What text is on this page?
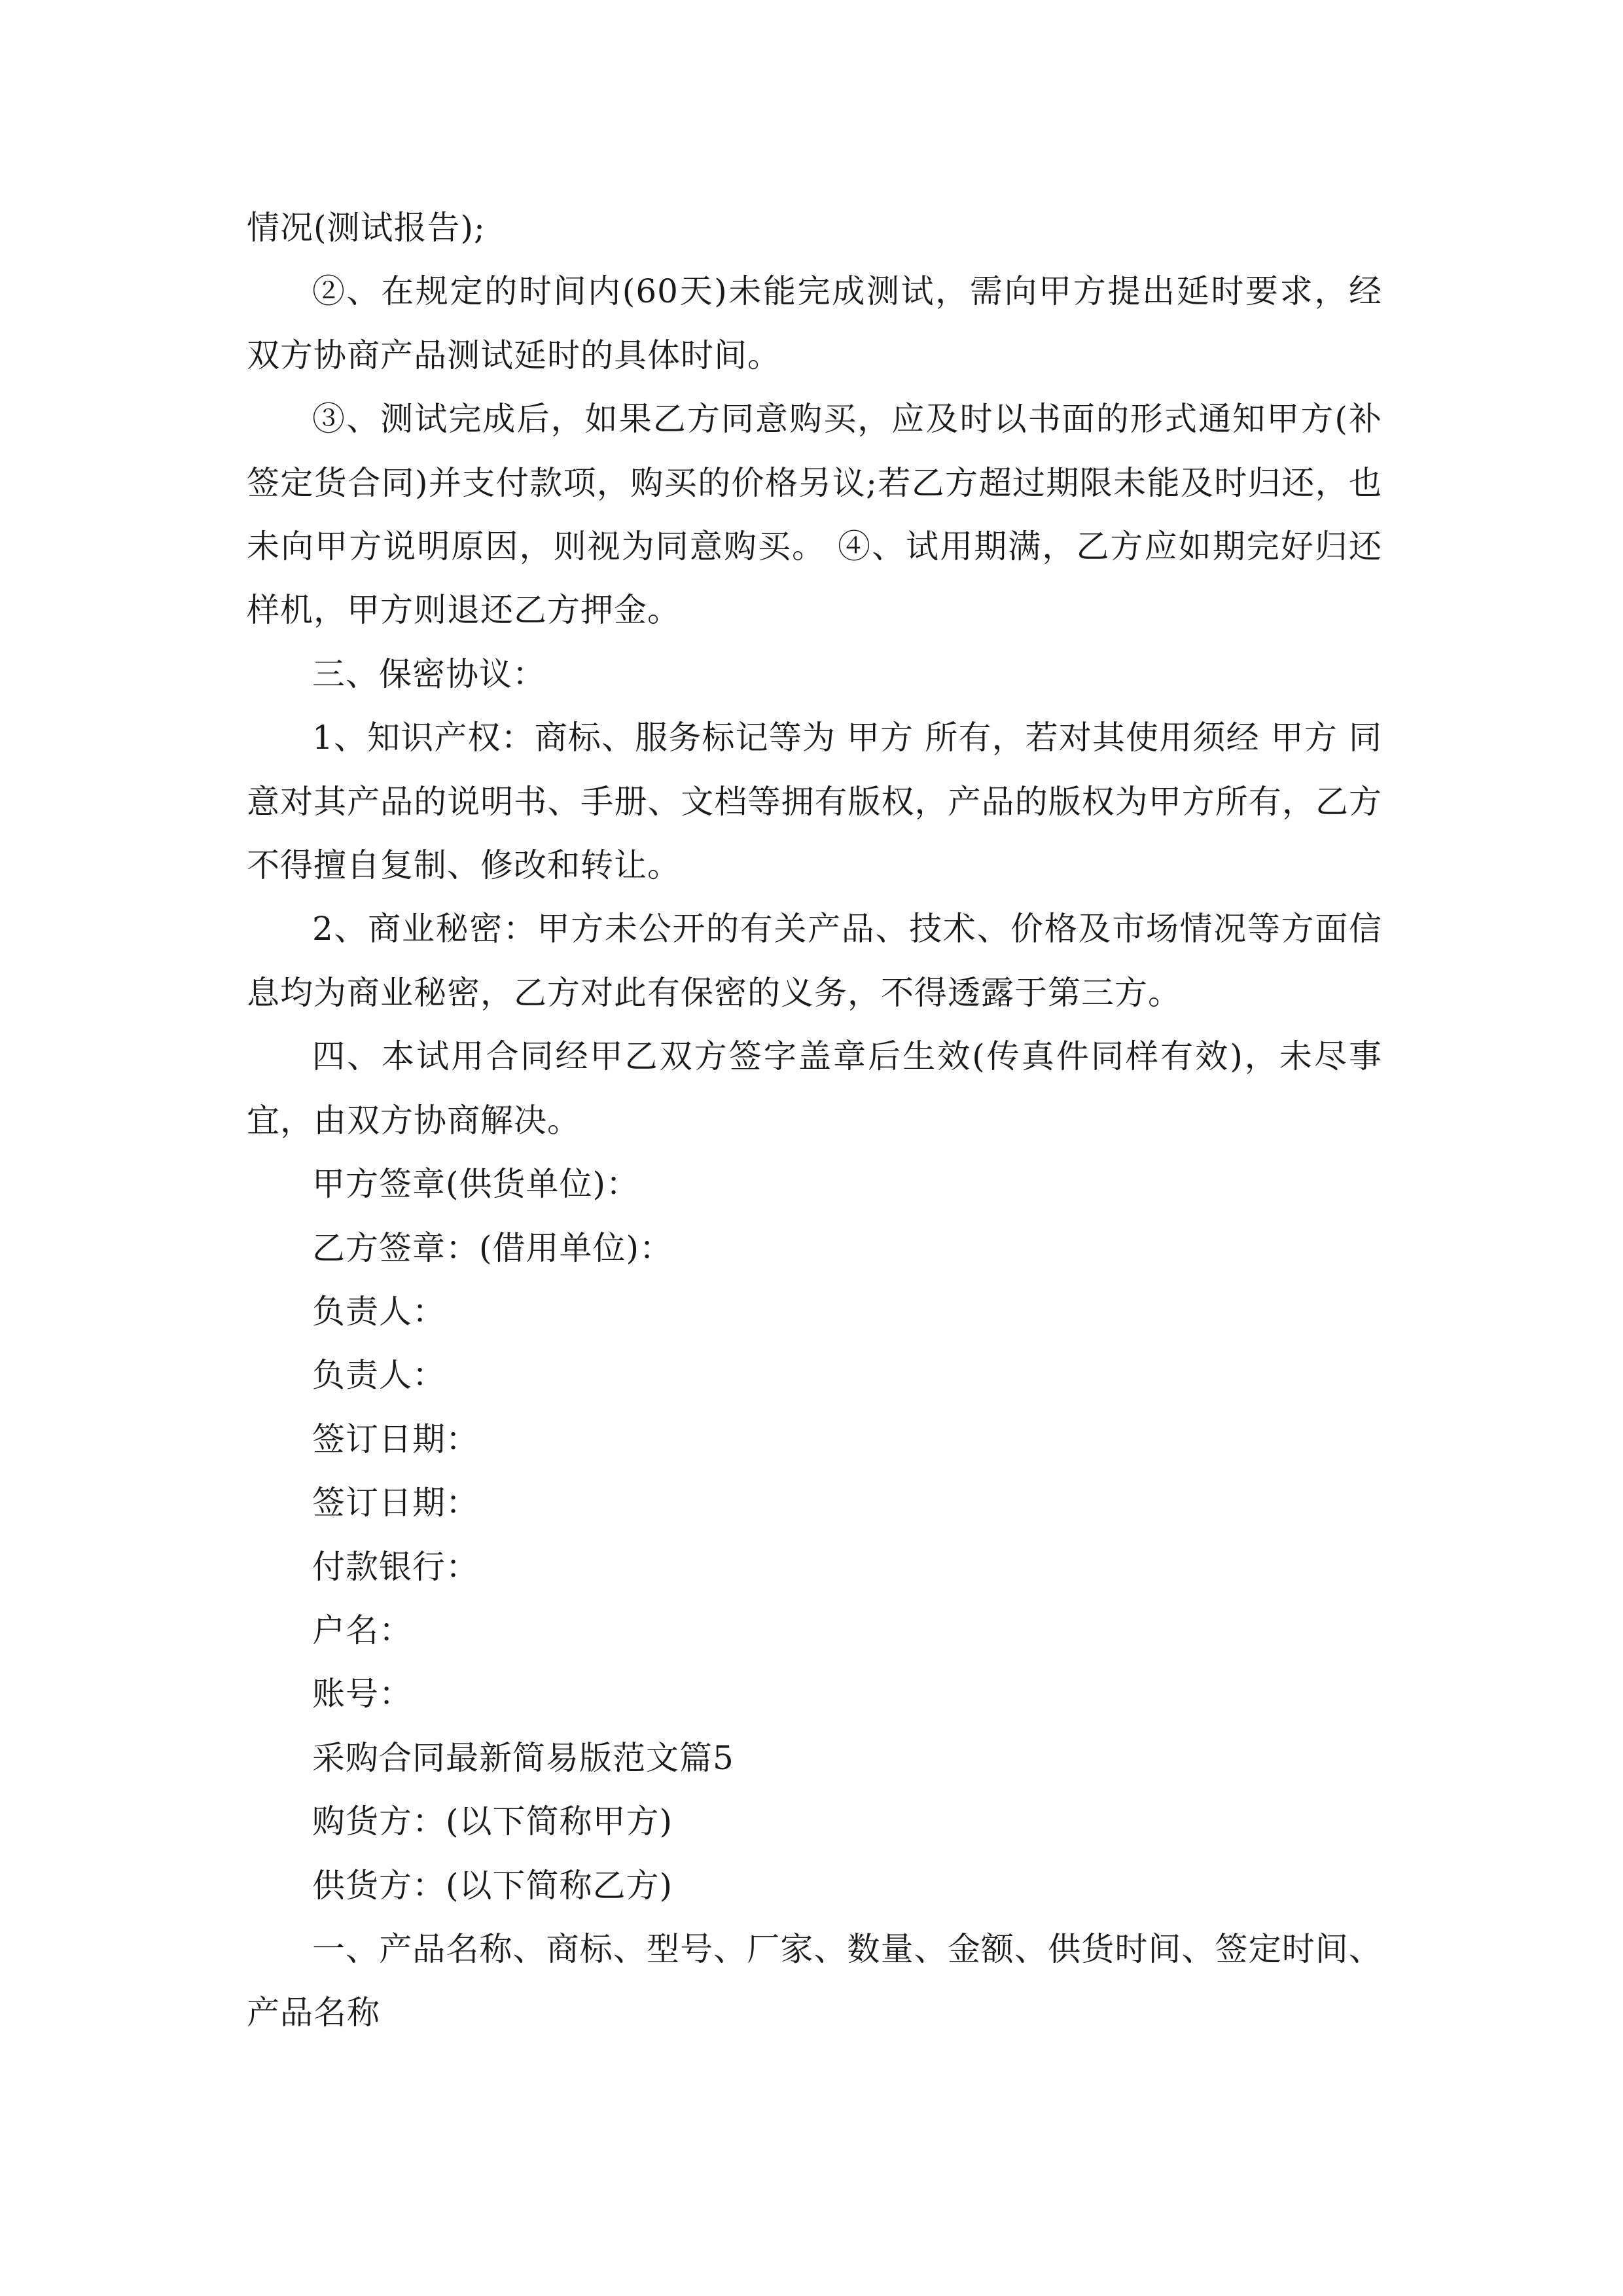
情况(测试报告);

②、在规定的时间内(60天)未能完成测试，需向甲方提出延时要求，经双方协商产品测试延时的具体时间。

③、测试完成后，如果乙方同意购买，应及时以书面的形式通知甲方(补签定货合同)并支付款项，购买的价格另议;若乙方超过期限未能及时归还，也未向甲方说明原因，则视为同意购买。 ④、试用期满，乙方应如期完好归还样机，甲方则退还乙方押金。

三、保密协议：

1、知识产权：商标、服务标记等为 甲方 所有，若对其使用须经 甲方 同意对其产品的说明书、手册、文档等拥有版权，产品的版权为甲方所有，乙方不得擅自复制、修改和转让。

2、商业秘密：甲方未公开的有关产品、技术、价格及市场情况等方面信息均为商业秘密，乙方对此有保密的义务，不得透露于第三方。

四、本试用合同经甲乙双方签字盖章后生效(传真件同样有效)，未尽事宜，由双方协商解决。

甲方签章(供货单位)：

乙方签章：(借用单位)：

负责人：

负责人：

签订日期：

签订日期：

付款银行：

户名：

账号：

采购合同最新简易版范文篇5

购货方：(以下简称甲方)

供货方：(以下简称乙方)

一、产品名称、商标、型号、厂家、数量、金额、供货时间、签定时间、产品名称
